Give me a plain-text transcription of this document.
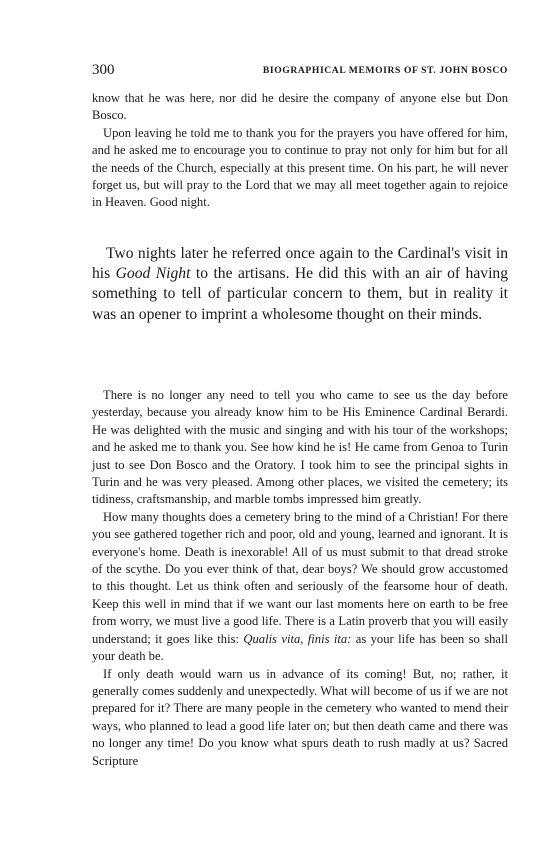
300	BIOGRAPHICAL MEMOIRS OF ST. JOHN BOSCO

know that he was here, nor did he desire the company of anyone else but Don Bosco.

Upon leaving he told me to thank you for the prayers you have offered for him, and he asked me to encourage you to continue to pray not only for him but for all the needs of the Church, especially at this present time. On his part, he will never forget us, but will pray to the Lord that we may all meet together again to rejoice in Heaven. Good night.

Two nights later he referred once again to the Cardinal's visit in his Good Night to the artisans. He did this with an air of having something to tell of particular concern to them, but in reality it was an opener to imprint a wholesome thought on their minds.

There is no longer any need to tell you who came to see us the day before yesterday, because you already know him to be His Eminence Cardinal Berardi. He was delighted with the music and singing and with his tour of the workshops; and he asked me to thank you. See how kind he is! He came from Genoa to Turin just to see Don Bosco and the Oratory. I took him to see the principal sights in Turin and he was very pleased. Among other places, we visited the cemetery; its tidiness, craftsmanship, and marble tombs impressed him greatly.

How many thoughts does a cemetery bring to the mind of a Christian! For there you see gathered together rich and poor, old and young, learned and ignorant. It is everyone's home. Death is inexorable! All of us must submit to that dread stroke of the scythe. Do you ever think of that, dear boys? We should grow accustomed to this thought. Let us think often and seriously of the fearsome hour of death. Keep this well in mind that if we want our last moments here on earth to be free from worry, we must live a good life. There is a Latin proverb that you will easily understand; it goes like this: Qualis vita, finis ita: as your life has been so shall your death be.

If only death would warn us in advance of its coming! But, no; rather, it generally comes suddenly and unexpectedly. What will become of us if we are not prepared for it? There are many people in the cemetery who wanted to mend their ways, who planned to lead a good life later on; but then death came and there was no longer any time! Do you know what spurs death to rush madly at us? Sacred Scripture
